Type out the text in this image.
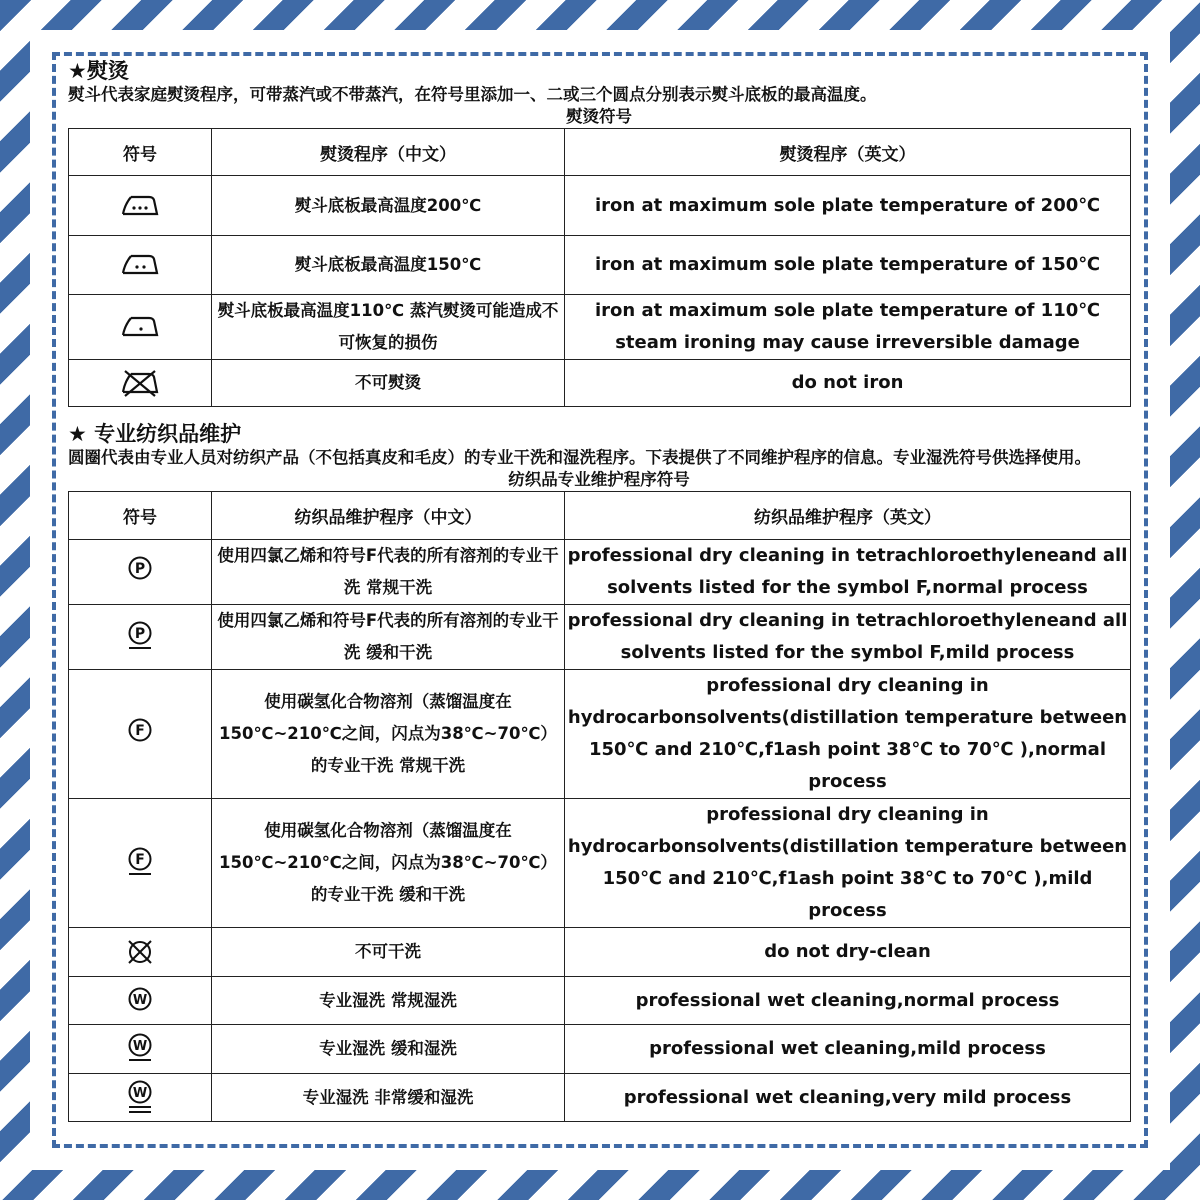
★熨烫
熨斗代表家庭熨烫程序，可带蒸汽或不带蒸汽，在符号里添加一、二或三个圆点分别表示熨斗底板的最高温度。
熨烫符号
符号	熨烫程序（中文）	熨烫程序（英文）

	熨斗底板最高温度200℃	iron at maximum sole plate temperature of 200℃

	熨斗底板最高温度150℃	iron at maximum sole plate temperature of 150℃

	熨斗底板最高温度110℃ 蒸汽熨烫可能造成不可恢复的损伤	iron at maximum sole plate temperature of 110℃ steam ironing may cause irreversible damage

	不可熨烫	do not iron
★ 专业纺织品维护
圆圈代表由专业人员对纺织产品（不包括真皮和毛皮）的专业干洗和湿洗程序。下表提供了不同维护程序的信息。专业湿洗符号供选择使用。
纺织品专业维护程序符号
符号	纺织品维护程序（中文）	纺织品维护程序（英文）

P	使用四氯乙烯和符号F代表的所有溶剂的专业干洗 常规干洗	professional dry cleaning in tetrachloroethyleneand all solvents listed for the symbol F,normal process

P	使用四氯乙烯和符号F代表的所有溶剂的专业干洗 缓和干洗	professional dry cleaning in tetrachloroethyleneand all solvents listed for the symbol F,mild process

F	使用碳氢化合物溶剂（蒸馏温度在150℃~210℃之间，闪点为38℃~70℃）的专业干洗 常规干洗	professional dry cleaning in hydrocarbonsolvents(distillation temperature between 150℃ and 210℃,f1ash point 38℃ to 70℃ ),normal process

F	使用碳氢化合物溶剂（蒸馏温度在150℃~210℃之间，闪点为38℃~70℃）的专业干洗 缓和干洗	professional dry cleaning in hydrocarbonsolvents(distillation temperature between 150℃ and 210℃,f1ash point 38℃ to 70℃ ),mild process

	不可干洗	do not dry-clean

W	专业湿洗 常规湿洗	professional wet cleaning,normal process

W	专业湿洗 缓和湿洗	professional wet cleaning,mild process

W	专业湿洗 非常缓和湿洗	professional wet cleaning,very mild process
